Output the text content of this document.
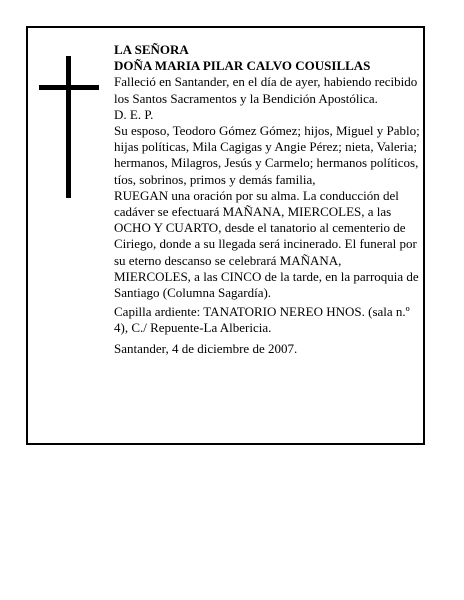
LA SEÑORA

DOÑA MARIA PILAR CALVO COUSILLAS

Falleció en Santander, en el día de ayer, habiendo recibido

los Santos Sacramentos y la Bendición Apostólica.

D. E. P.

Su esposo, Teodoro Gómez Gómez; hijos, Miguel y Pablo; hijas políticas, Mila Cagigas y Angie Pérez; nieta, Valeria; hermanos, Milagros, Jesús y Carmelo; hermanos políticos, tíos, sobrinos, primos y demás familia,

RUEGAN una oración por su alma. La conducción del cadáver se efectuará MAÑANA, MIERCOLES, a las OCHO Y CUARTO, desde el tanatorio al cementerio de Ciriego, donde a su llegada será incinerado. El funeral por su eterno descanso se celebrará MAÑANA, MIERCOLES, a las CINCO de la tarde, en la parroquia de Santiago (Columna Sagardía).

Capilla ardiente: TANATORIO NEREO HNOS. (sala n.º 4), C./ Repuente-La Albericia.

Santander, 4 de diciembre de 2007.
